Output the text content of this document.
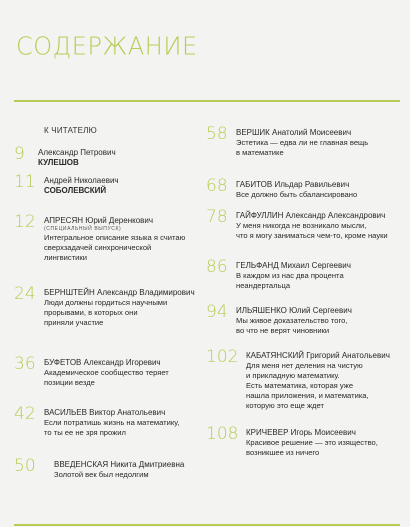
СОДЕРЖАНИЕ
К ЧИТАТЕЛЮ
9 Александр Петрович
КУЛЕШОВ
11 Андрей Николаевич
СОБОЛЕВСКИЙ
12 АПРЕСЯН Юрий Деренкович
(СПЕЦИАЛЬНЫЙ ВЫПУСК)
Интегральное описание языка я считаю
сверхзадачей синхронической
лингвистики
24 БЕРНШТЕЙН Александр Владимирович
Люди должны гордиться научными
прорывами, в которых они
приняли участие
36 БУФЕТОВ Александр Игоревич
Академическое сообщество теряет
позиции везде
42 ВАСИЛЬЕВ Виктор Анатольевич
Если потратишь жизнь на математику,
то ты ее не зря прожил
50 ВВЕДЕНСКАЯ Никита Дмитриевна
Золотой век был недолгим
58 ВЕРШИК Анатолий Моисеевич
Эстетика — едва ли не главная вещь
в математике
68 ГАБИТОВ Ильдар Равильевич
Все должно быть сбалансировано
78 ГАЙФУЛЛИН Александр Александрович
У меня никогда не возникало мысли,
что я могу заниматься чем-то, кроме науки
86 ГЕЛЬФАНД Михаил Сергеевич
В каждом из нас два процента
неандертальца
94 ИЛЬЯШЕНКО Юлий Сергеевич
Мы живое доказательство того,
во что не верят чиновники
102 КАБАТЯНСКИЙ Григорий Анатольевич
Для меня нет деления на чистую
и прикладную математику.
Есть математика, которая уже
нашла приложения, и математика,
которую это еще ждет
108 КРИЧЕВЕР Игорь Моисеевич
Красивое решение — это изящество,
возникшее из ничего
